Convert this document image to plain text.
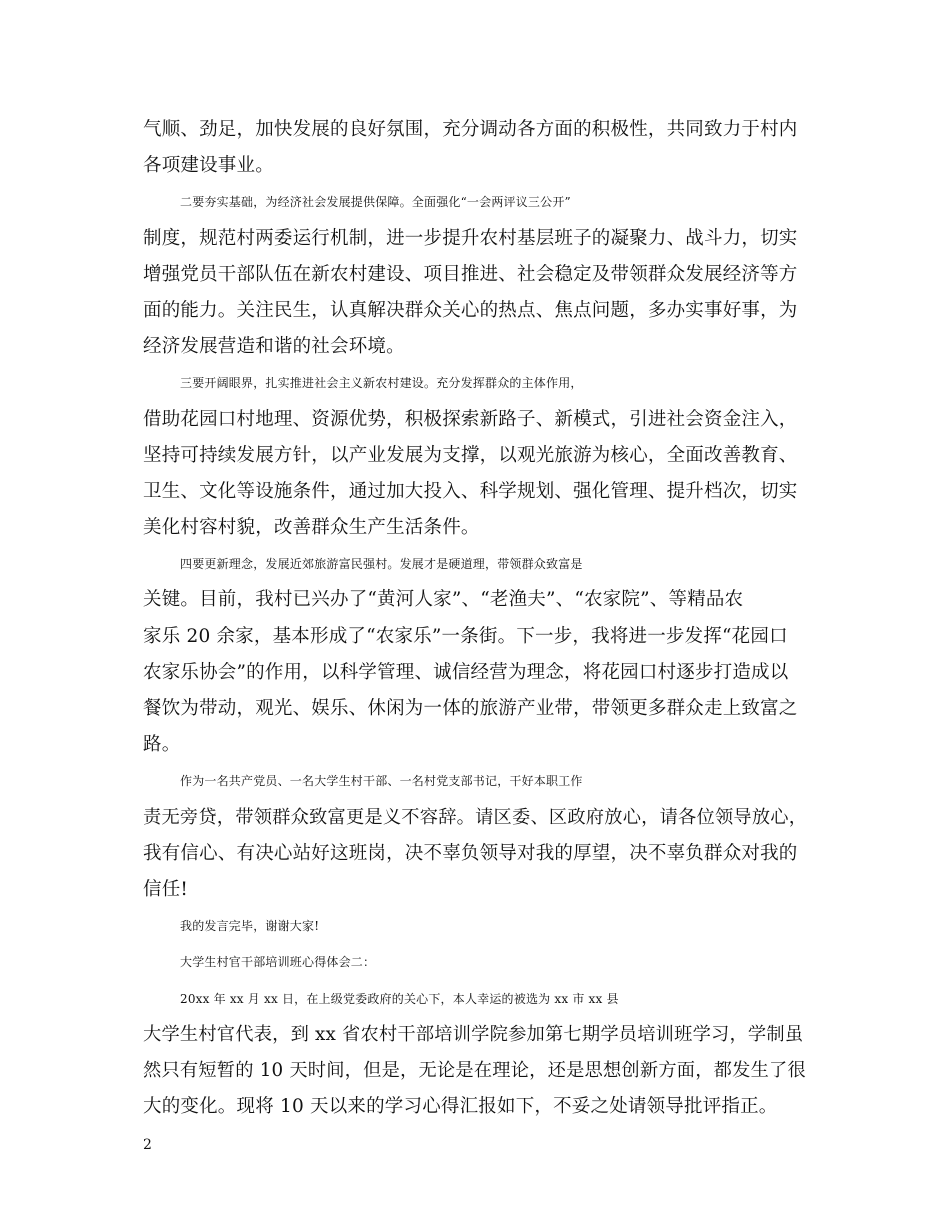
气顺、劲足，加快发展的良好氛围，充分调动各方面的积极性，共同致力于村内
各项建设事业。
二要夯实基础，为经济社会发展提供保障。全面强化“一会两评议三公开”
制度，规范村两委运行机制，进一步提升农村基层班子的凝聚力、战斗力，切实
增强党员干部队伍在新农村建设、项目推进、社会稳定及带领群众发展经济等方
面的能力。关注民生，认真解决群众关心的热点、焦点问题，多办实事好事，为
经济发展营造和谐的社会环境。
三要开阔眼界，扎实推进社会主义新农村建设。充分发挥群众的主体作用，
借助花园口村地理、资源优势，积极探索新路子、新模式，引进社会资金注入，
坚持可持续发展方针，以产业发展为支撑，以观光旅游为核心，全面改善教育、
卫生、文化等设施条件，通过加大投入、科学规划、强化管理、提升档次，切实
美化村容村貌，改善群众生产生活条件。
四要更新理念，发展近郊旅游富民强村。发展才是硬道理，带领群众致富是
关键。目前，我村已兴办了“黄河人家”、“老渔夫”、“农家院”、等精品农
家乐 20 余家，基本形成了“农家乐”一条街。下一步，我将进一步发挥“花园口
农家乐协会”的作用，以科学管理、诚信经营为理念，将花园口村逐步打造成以
餐饮为带动，观光、娱乐、休闲为一体的旅游产业带，带领更多群众走上致富之
路。
作为一名共产党员、一名大学生村干部、一名村党支部书记，干好本职工作
责无旁贷，带领群众致富更是义不容辞。请区委、区政府放心，请各位领导放心，
我有信心、有决心站好这班岗，决不辜负领导对我的厚望，决不辜负群众对我的
信任!
我的发言完毕，谢谢大家!
大学生村官干部培训班心得体会二：
20xx 年 xx 月 xx 日，在上级党委政府的关心下，本人幸运的被选为 xx 市 xx 县
大学生村官代表，到 xx 省农村干部培训学院参加第七期学员培训班学习，学制虽
然只有短暂的 10 天时间，但是，无论是在理论，还是思想创新方面，都发生了很
大的变化。现将 10 天以来的学习心得汇报如下，不妥之处请领导批评指正。
2
